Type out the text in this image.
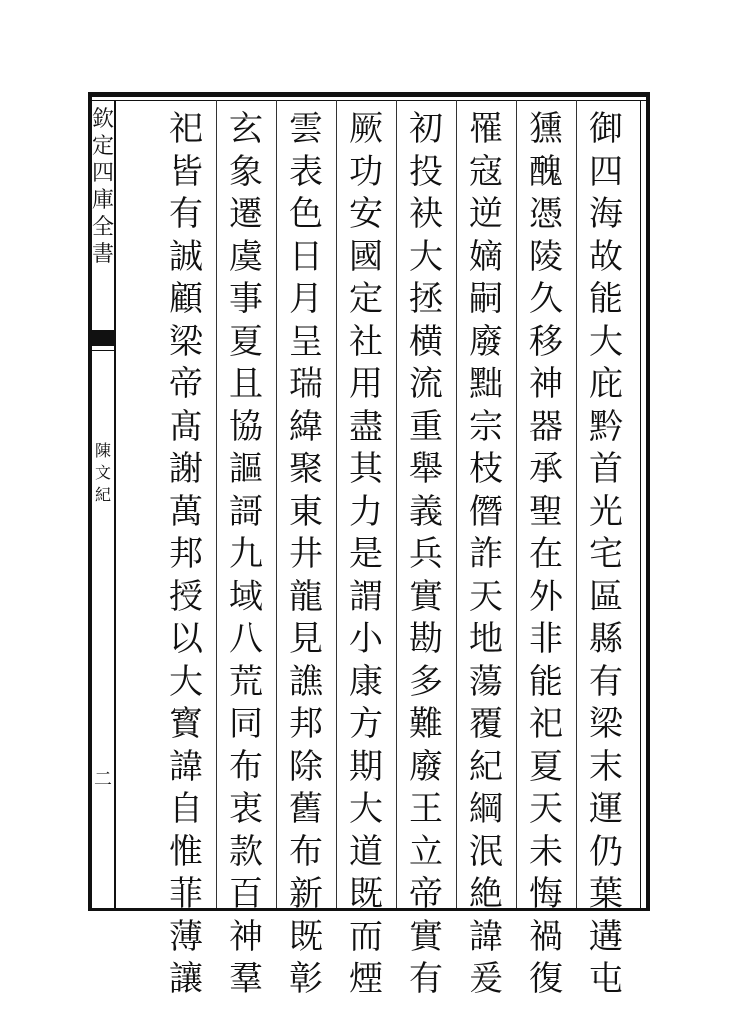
欽
定
四
庫
全
書
陳
文
紀
二
御
四
海
故
能
大
庇
黔
首
光
宅
區
縣
有
梁
末
運
仍
葉
遘
屯
獯
醜
憑
陵
久
移
神
器
承
聖
在
外
非
能
祀
夏
天
未
悔
禍
復
罹
寇
逆
嫡
嗣
廢
黜
宗
枝
僭
詐
天
地
蕩
覆
紀
綱
泯
絶
諱
爰
初
投
袂
大
拯
横
流
重
舉
義
兵
實
勘
多
難
廢
王
立
帝
實
有
厥
功
安
國
定
社
用
盡
其
力
是
謂
小
康
方
期
大
道
既
而
煙
雲
表
色
日
月
呈
瑞
緯
聚
東
井
龍
見
譙
邦
除
舊
布
新
既
彰
玄
象
遷
虞
事
夏
且
協
謳
謌
九
域
八
荒
同
布
衷
款
百
神
羣
祀
皆
有
誠
顧
梁
帝
髙
謝
萬
邦
授
以
大
寳
諱
自
惟
菲
薄
讓
